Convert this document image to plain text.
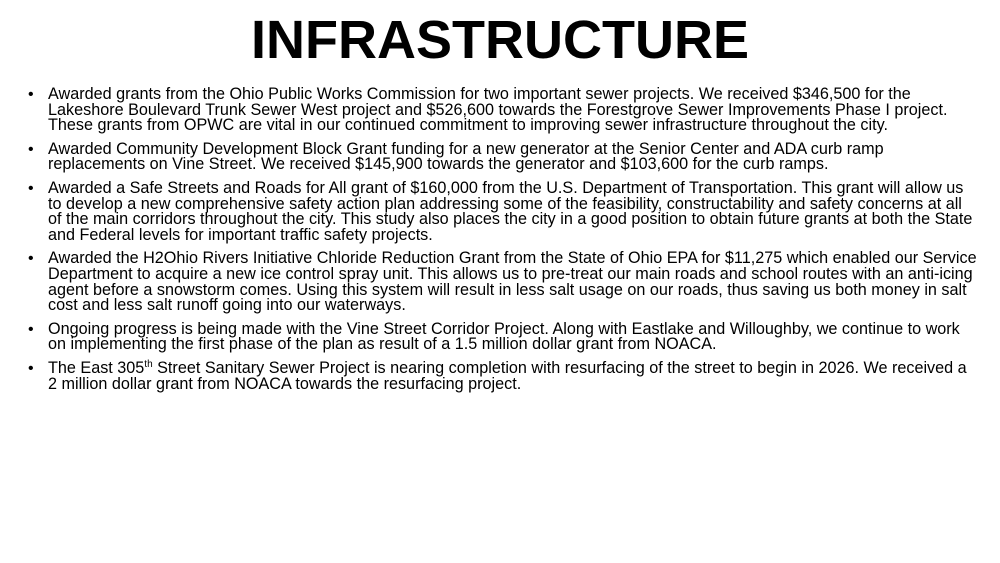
INFRASTRUCTURE
• Awarded grants from the Ohio Public Works Commission for two important sewer projects. We received $346,500 for the Lakeshore Boulevard Trunk Sewer West project and $526,600 towards the Forestgrove Sewer Improvements Phase I project. These grants from OPWC are vital in our continued commitment to improving sewer infrastructure throughout the city.
• Awarded Community Development Block Grant funding for a new generator at the Senior Center and ADA curb ramp replacements on Vine Street. We received $145,900 towards the generator and $103,600 for the curb ramps.
• Awarded a Safe Streets and Roads for All grant of $160,000 from the U.S. Department of Transportation. This grant will allow us to develop a new comprehensive safety action plan addressing some of the feasibility, constructability and safety concerns at all of the main corridors throughout the city. This study also places the city in a good position to obtain future grants at both the State and Federal levels for important traffic safety projects.
• Awarded the H2Ohio Rivers Initiative Chloride Reduction Grant from the State of Ohio EPA for $11,275 which enabled our Service Department to acquire a new ice control spray unit. This allows us to pre-treat our main roads and school routes with an anti-icing agent before a snowstorm comes. Using this system will result in less salt usage on our roads, thus saving us both money in salt cost and less salt runoff going into our waterways.
• Ongoing progress is being made with the Vine Street Corridor Project. Along with Eastlake and Willoughby, we continue to work on implementing the first phase of the plan as result of a 1.5 million dollar grant from NOACA.
• The East 305th Street Sanitary Sewer Project is nearing completion with resurfacing of the street to begin in 2026. We received a 2 million dollar grant from NOACA towards the resurfacing project.
